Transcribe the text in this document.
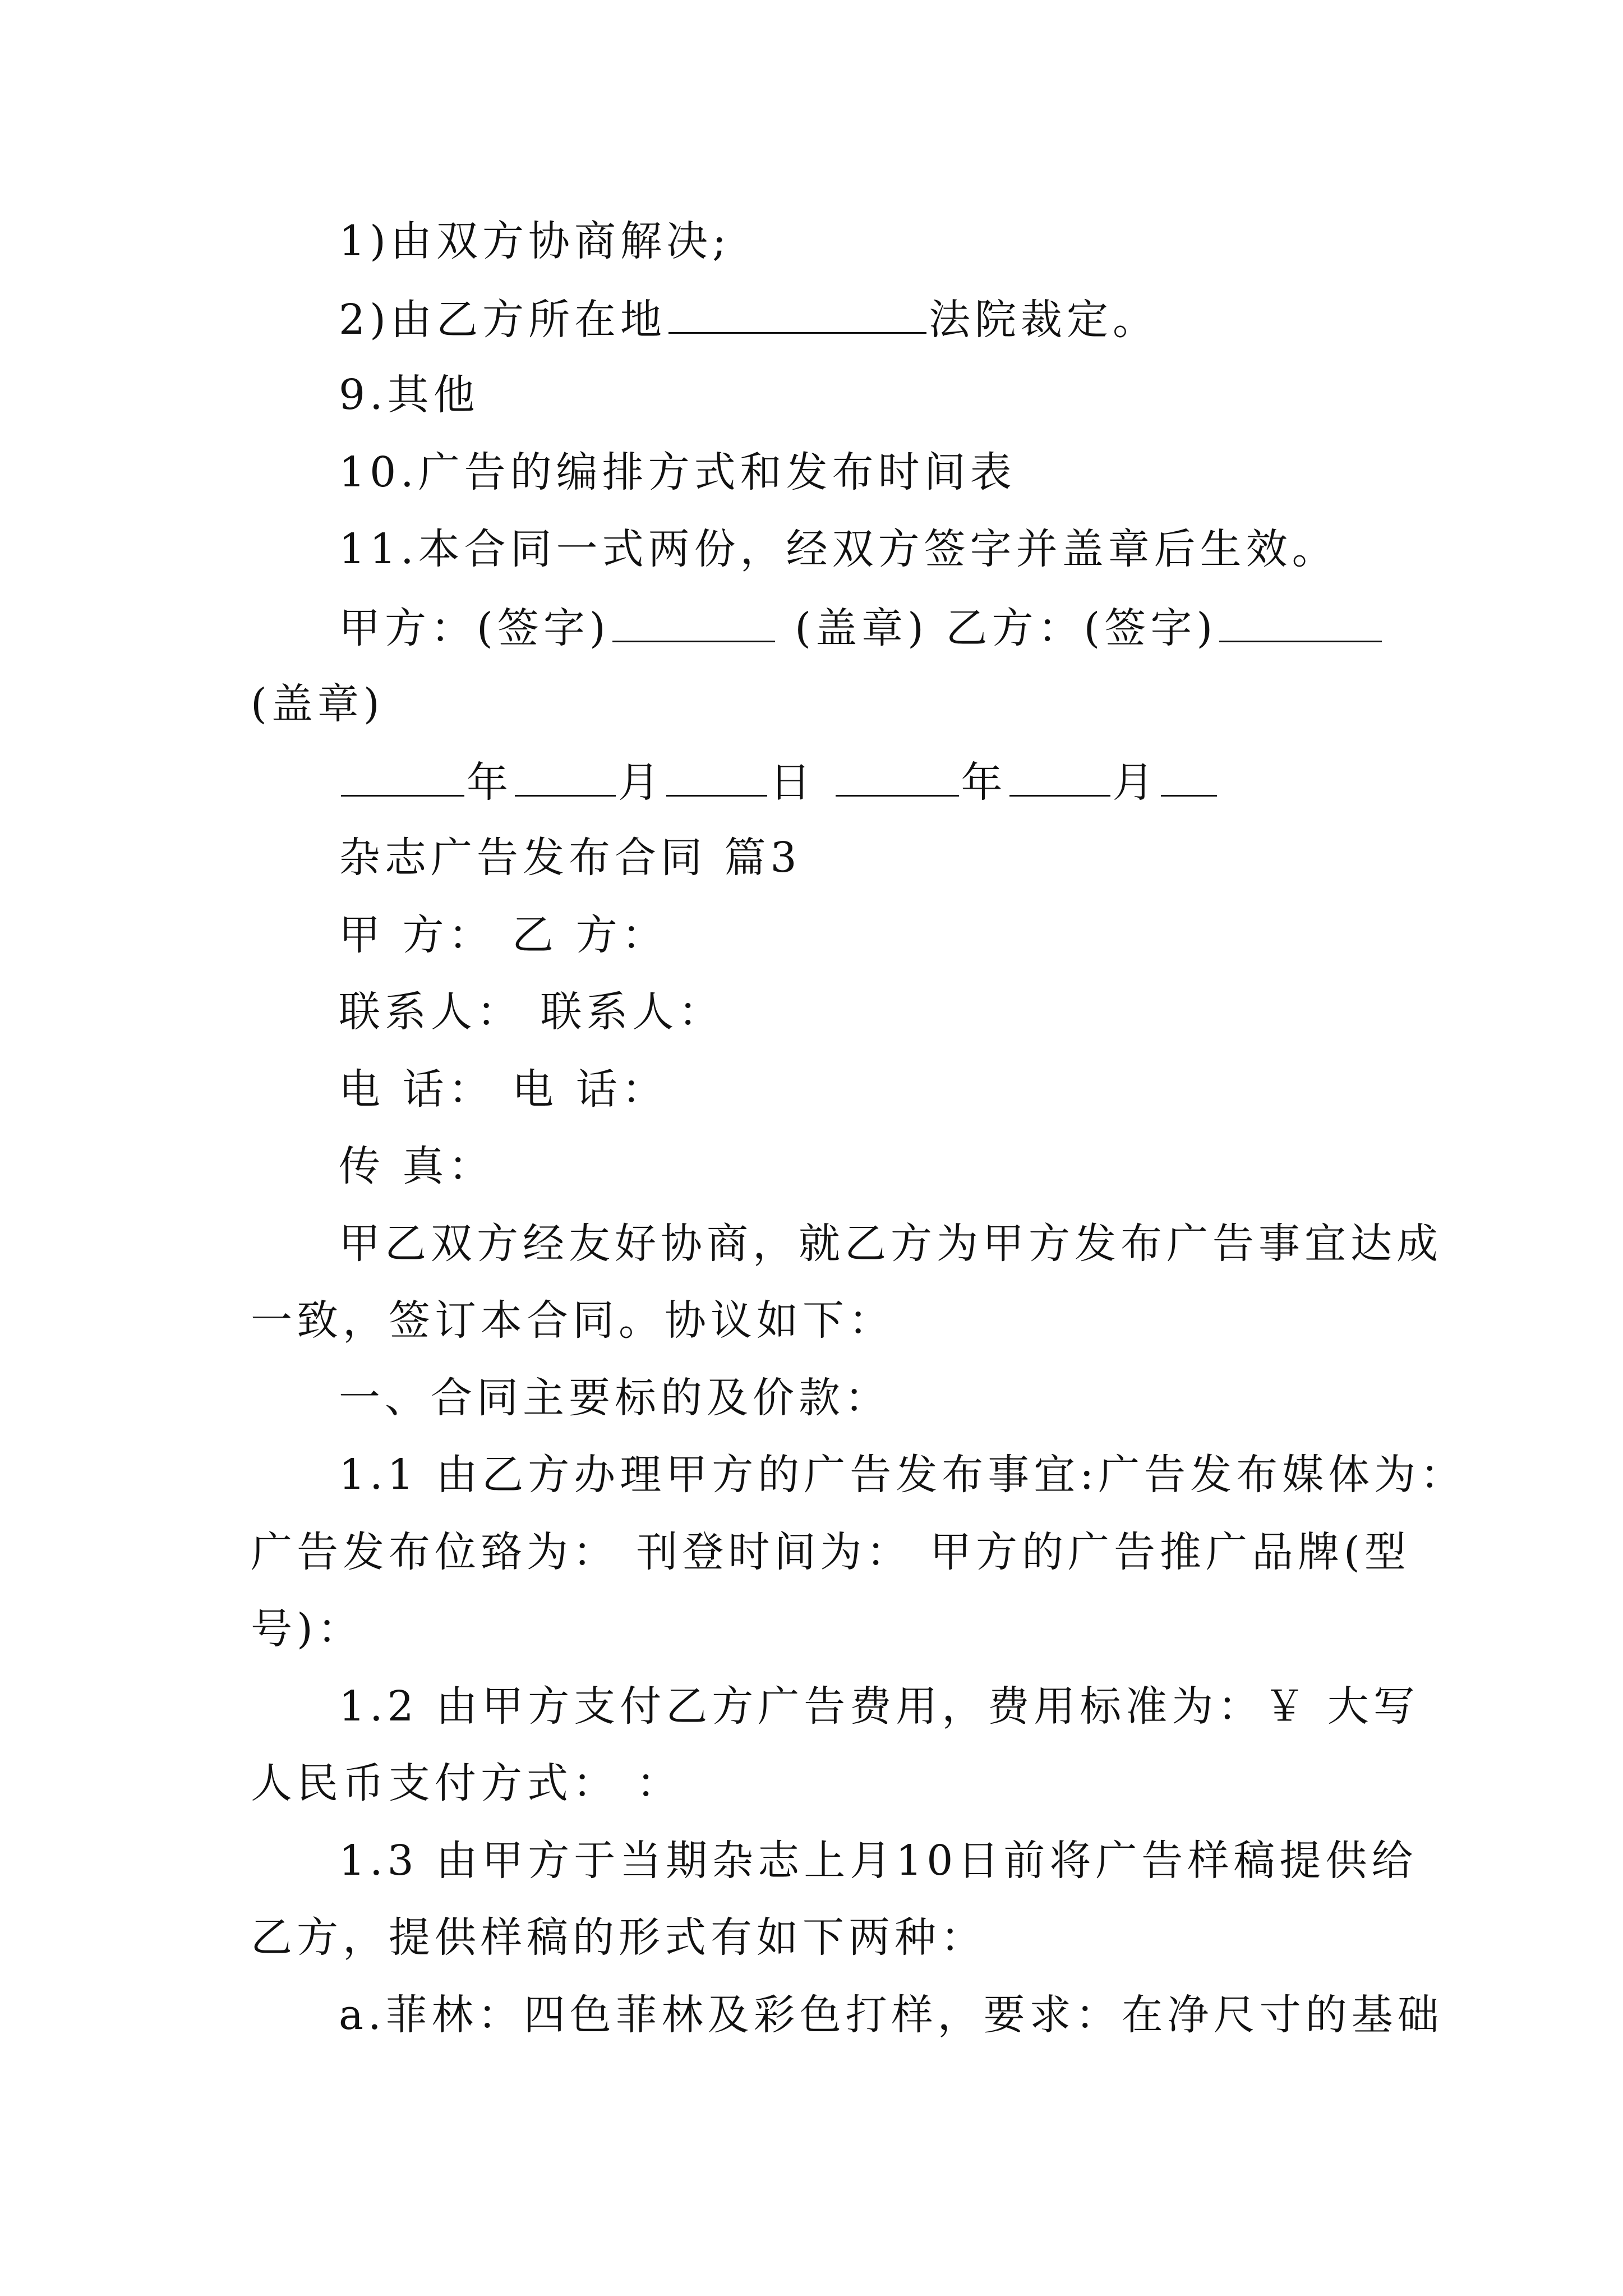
1)由双方协商解决;
2)由乙方所在地	法院裁定。
9.其他
10.广告的编排方式和发布时间表
11.本合同一式两份，经双方签字并盖章后生效。
甲方：(签字)	(盖章) 乙方：(签字)
(盖章)
年	月	日	年	月
杂志广告发布合同 篇3
甲 方： 乙 方：
联系人： 联系人：
电 话： 电 话：
传 真：
甲乙双方经友好协商，就乙方为甲方发布广告事宜达成
一致，签订本合同。协议如下：
一、合同主要标的及价款：
1.1 由乙方办理甲方的广告发布事宜:广告发布媒体为：
广告发布位臵为： 刊登时间为： 甲方的广告推广品牌(型
号)：
1.2 由甲方支付乙方广告费用，费用标准为：￥ 大写
人民币支付方式： ：
1.3 由甲方于当期杂志上月10日前将广告样稿提供给
乙方，提供样稿的形式有如下两种：
a.菲林：四色菲林及彩色打样，要求：在净尺寸的基础
